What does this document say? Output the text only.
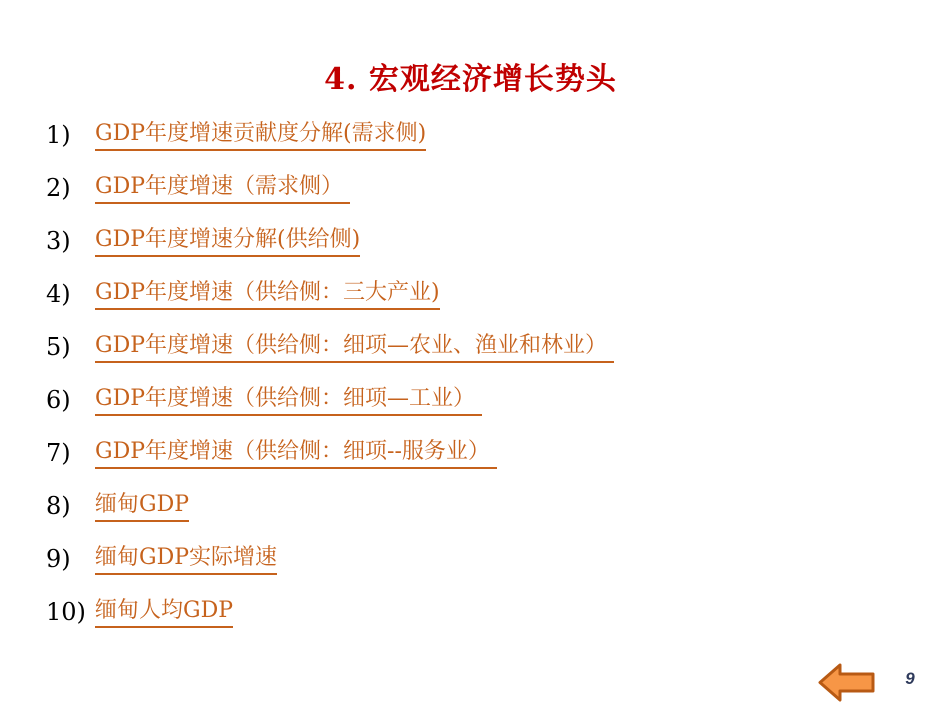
4. 宏观经济增长势头
1)	GDP年度增速贡献度分解(需求侧)
2)	GDP年度增速（需求侧）
3)	GDP年度增速分解(供给侧)
4)	GDP年度增速（供给侧：三大产业)
5)	GDP年度增速（供给侧：细项—农业、渔业和林业）
6)	GDP年度增速（供给侧：细项—工业）
7)	GDP年度增速（供给侧：细项--服务业）
8)	缅甸GDP
9)	缅甸GDP实际增速
10) 缅甸人均GDP
9
